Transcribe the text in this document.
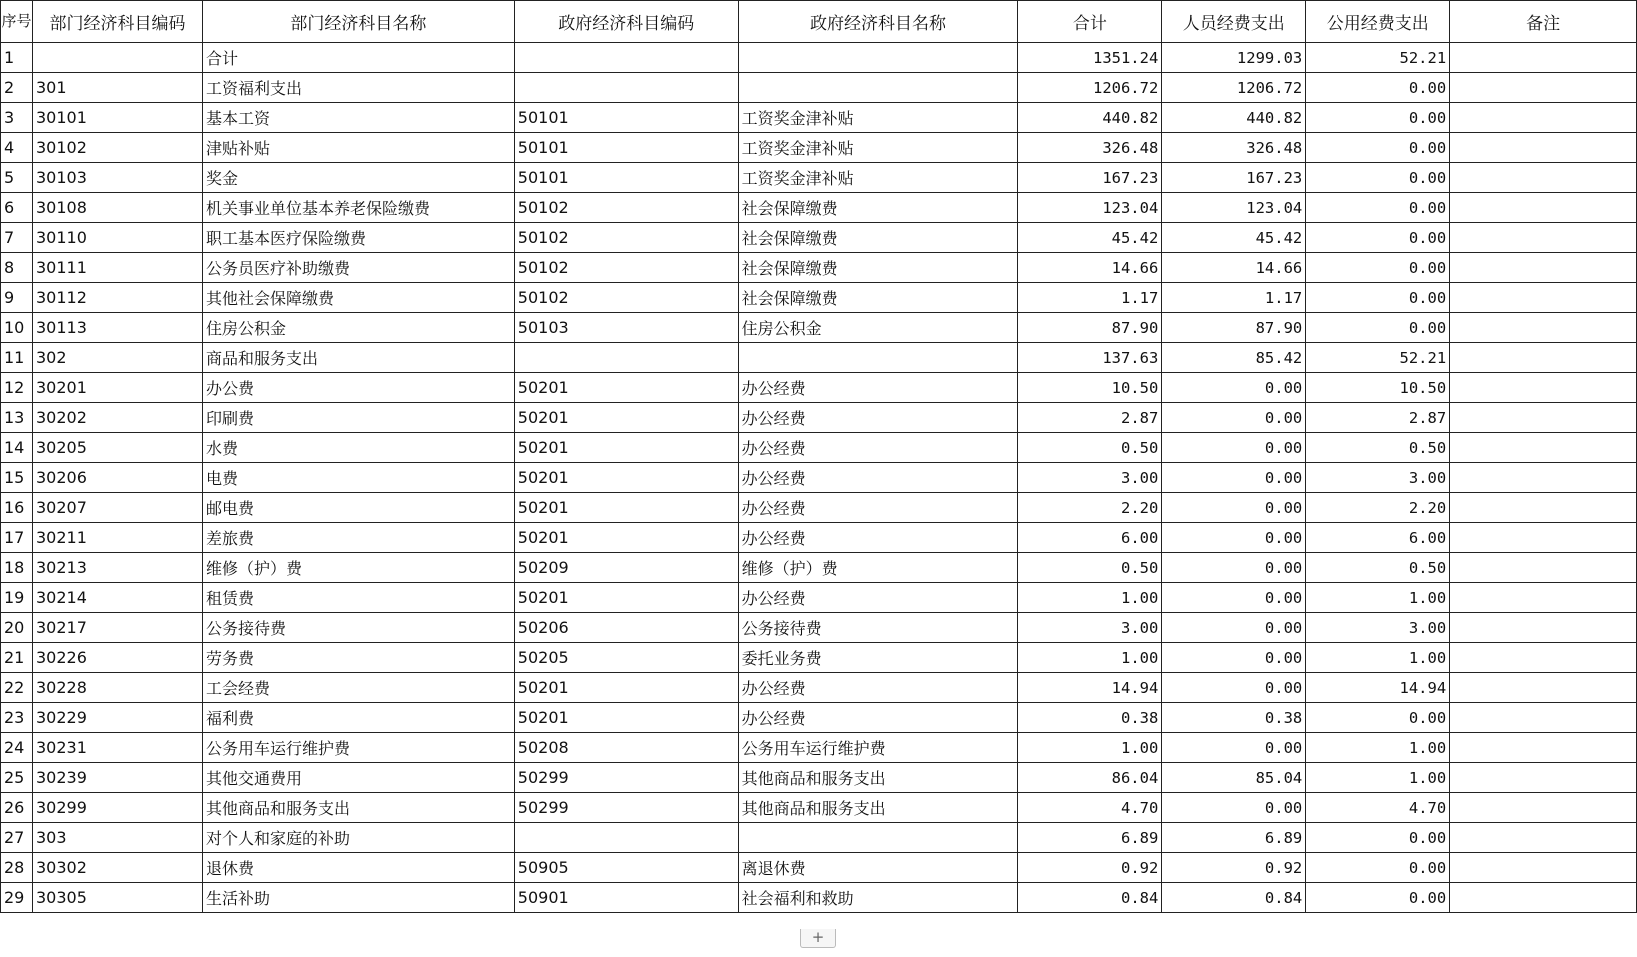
序号	部门经济科目编码	部门经济科目名称	政府经济科目编码	政府经济科目名称	合计	人员经费支出	公用经费支出	备注
1		合计			1351.24	1299.03	52.21	
2	301	工资福利支出			1206.72	1206.72	0.00	
3	30101	基本工资	50101	工资奖金津补贴	440.82	440.82	0.00	
4	30102	津贴补贴	50101	工资奖金津补贴	326.48	326.48	0.00	
5	30103	奖金	50101	工资奖金津补贴	167.23	167.23	0.00	
6	30108	机关事业单位基本养老保险缴费	50102	社会保障缴费	123.04	123.04	0.00	
7	30110	职工基本医疗保险缴费	50102	社会保障缴费	45.42	45.42	0.00	
8	30111	公务员医疗补助缴费	50102	社会保障缴费	14.66	14.66	0.00	
9	30112	其他社会保障缴费	50102	社会保障缴费	1.17	1.17	0.00	
10	30113	住房公积金	50103	住房公积金	87.90	87.90	0.00	
11	302	商品和服务支出			137.63	85.42	52.21	
12	30201	办公费	50201	办公经费	10.50	0.00	10.50	
13	30202	印刷费	50201	办公经费	2.87	0.00	2.87	
14	30205	水费	50201	办公经费	0.50	0.00	0.50	
15	30206	电费	50201	办公经费	3.00	0.00	3.00	
16	30207	邮电费	50201	办公经费	2.20	0.00	2.20	
17	30211	差旅费	50201	办公经费	6.00	0.00	6.00	
18	30213	维修（护）费	50209	维修（护）费	0.50	0.00	0.50	
19	30214	租赁费	50201	办公经费	1.00	0.00	1.00	
20	30217	公务接待费	50206	公务接待费	3.00	0.00	3.00	
21	30226	劳务费	50205	委托业务费	1.00	0.00	1.00	
22	30228	工会经费	50201	办公经费	14.94	0.00	14.94	
23	30229	福利费	50201	办公经费	0.38	0.38	0.00	
24	30231	公务用车运行维护费	50208	公务用车运行维护费	1.00	0.00	1.00	
25	30239	其他交通费用	50299	其他商品和服务支出	86.04	85.04	1.00	
26	30299	其他商品和服务支出	50299	其他商品和服务支出	4.70	0.00	4.70	
27	303	对个人和家庭的补助			6.89	6.89	0.00	
28	30302	退休费	50905	离退休费	0.92	0.92	0.00	
29	30305	生活补助	50901	社会福利和救助	0.84	0.84	0.00	
+
